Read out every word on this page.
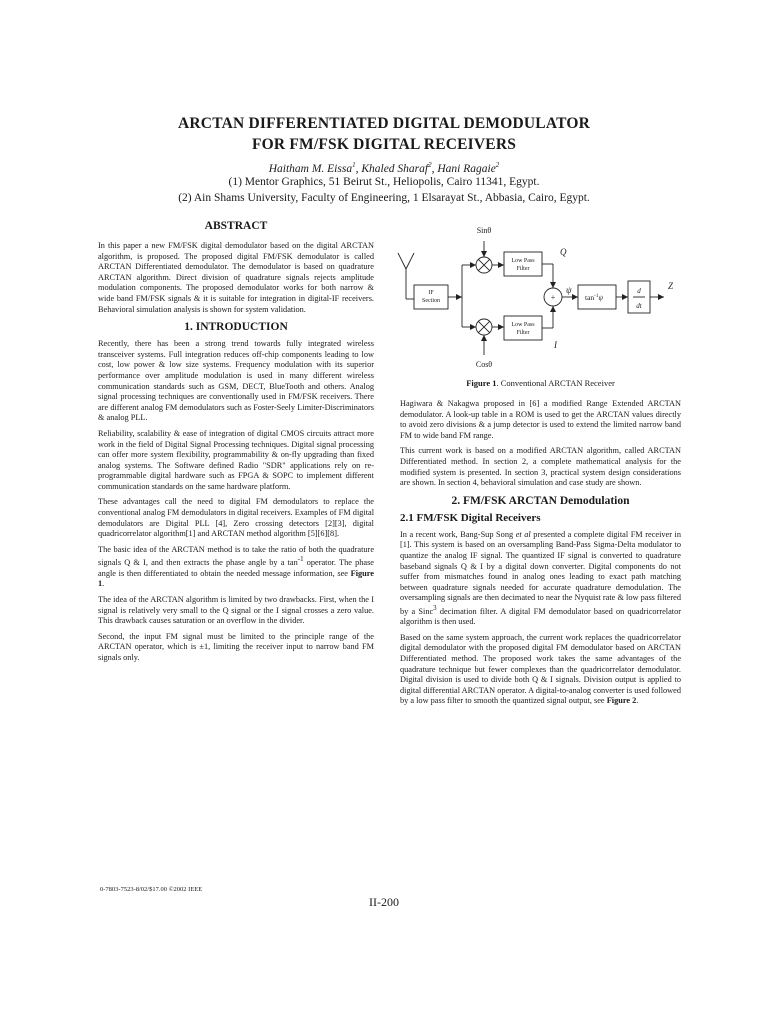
ARCTAN DIFFERENTIATED DIGITAL DEMODULATOR
FOR FM/FSK DIGITAL RECEIVERS
Haitham M. Eissa$^1$, Khaled Sharaf$^2$, Hani Ragaie$^2$
(1) Mentor Graphics, 51 Beirut St., Heliopolis, Cairo 11341, Egypt.
(2) Ain Shams University, Faculty of Engineering, 1 Elsarayat St., Abbasia, Cairo, Egypt.
ABSTRACT

In this paper a new FM/FSK digital demodulator based on the digital ARCTAN algorithm, is proposed. The proposed digital FM/FSK demodulator is called ARCTAN Differentiated demodulator. The demodulator is based on quadrature ARCTAN algorithm. Direct division of quadrature signals rejects amplitude modulation components. The proposed demodulator works for both narrow & wide band FM/FSK signals & it is suitable for integration in digital-IF receivers. Behavioral simulation analysis is shown for system validation.

1. INTRODUCTION

Recently, there has been a strong trend towards fully integrated wireless transceiver systems. Full integration reduces off-chip components leading to low cost, low power & low size systems. Frequency modulation with its superior performance over amplitude modulation is used in many different wireless communication standards such as GSM, DECT, BlueTooth and others. Analog signal processing techniques are conventionally used in FM/FSK receivers. There are different analog FM demodulators such as Foster-Seely Limiter-Discriminators & analog PLL.

Reliability, scalability & ease of integration of digital CMOS circuits attract more work in the field of Digital Signal Processing techniques. Digital signal processing can offer more system flexibility, programmability & on-fly upgrading than fixed analog systems. The Software defined Radio "SDR" applications rely on re-programmable digital hardware such as FPGA & SOPC to implement different communication standards on the same hardware platform.

These advantages call the need to digital FM demodulators to replace the conventional analog FM demodulators in digital receivers. Examples of FM digital demodulators are Digital PLL [4], Zero crossing detectors [2][3], digital quadricorrelator algorithm[1] and ARCTAN method algorithm [5][6][8].

The basic idea of the ARCTAN method is to take the ratio of both the quadrature signals Q & I, and then extracts the phase angle by a $\tan^{-1}$ operator. The phase angle is then differentiated to obtain the needed message information, see Figure 1.

The idea of the ARCTAN algorithm is limited by two drawbacks. First, when the I signal is relatively very small to the Q signal or the I signal crosses a zero value. This drawback causes saturation or an overflow in the divider.

Second, the input FM signal must be limited to the principle range of the ARCTAN operator, which is ±1, limiting the receiver input to narrow band FM signals only.

Sinθ
Cosθ
Low Pass
Filter
Low Pass
Filter
IF
Section
Q
I
ψ	Z
+	$\tan^{-1}\psi$
d
dt
Figure 1. Conventional ARCTAN Receiver

Hagiwara & Nakagwa proposed in [6] a modified Range Extended ARCTAN demodulator. A look-up table in a ROM is used to get the ARCTAN values directly to avoid zero divisions & a jump detector is used to extend the limited narrow band FM to wide band FM range.

This current work is based on a modified ARCTAN algorithm, called ARCTAN Differentiated method. In section 2, a complete mathematical analysis for the modified system is presented. In section 3, practical system design considerations are shown. In section 4, behavioral simulation and case study are shown.

2. FM/FSK ARCTAN Demodulation
2.1 FM/FSK Digital Receivers

In a recent work, Bang-Sup Song et al presented a complete digital FM receiver in [1]. This system is based on an oversampling Band-Pass Sigma-Delta modulator to quantize the analog IF signal. The quantized IF signal is converted to quadrature baseband signals Q & I by a digital down converter. Digital components do not suffer from mismatches found in analog ones leading to exact path matching between quadrature signals needed for accurate quadrature demodulation. The oversampling signals are then decimated to near the Nyquist rate & low pass filtered by a Sinc$^3$ decimation filter. A digital FM demodulator based on quadricorrelator algorithm is then used.

Based on the same system approach, the current work replaces the quadricorrelator digital demodulator with the proposed digital FM demodulator based on ARCTAN Differentiated method. The proposed work takes the same advantages of the quadrature technique but fewer complexes than the quadricorrelator demodulator. Digital division is used to divide both Q & I signals. Division output is applied to digital differential ARCTAN operator. A digital-to-analog converter is used followed by a low pass filter to smooth the quantized signal output, see Figure 2.

0-7803-7523-8/02/$17.00 ©2002 IEEE
II-200
